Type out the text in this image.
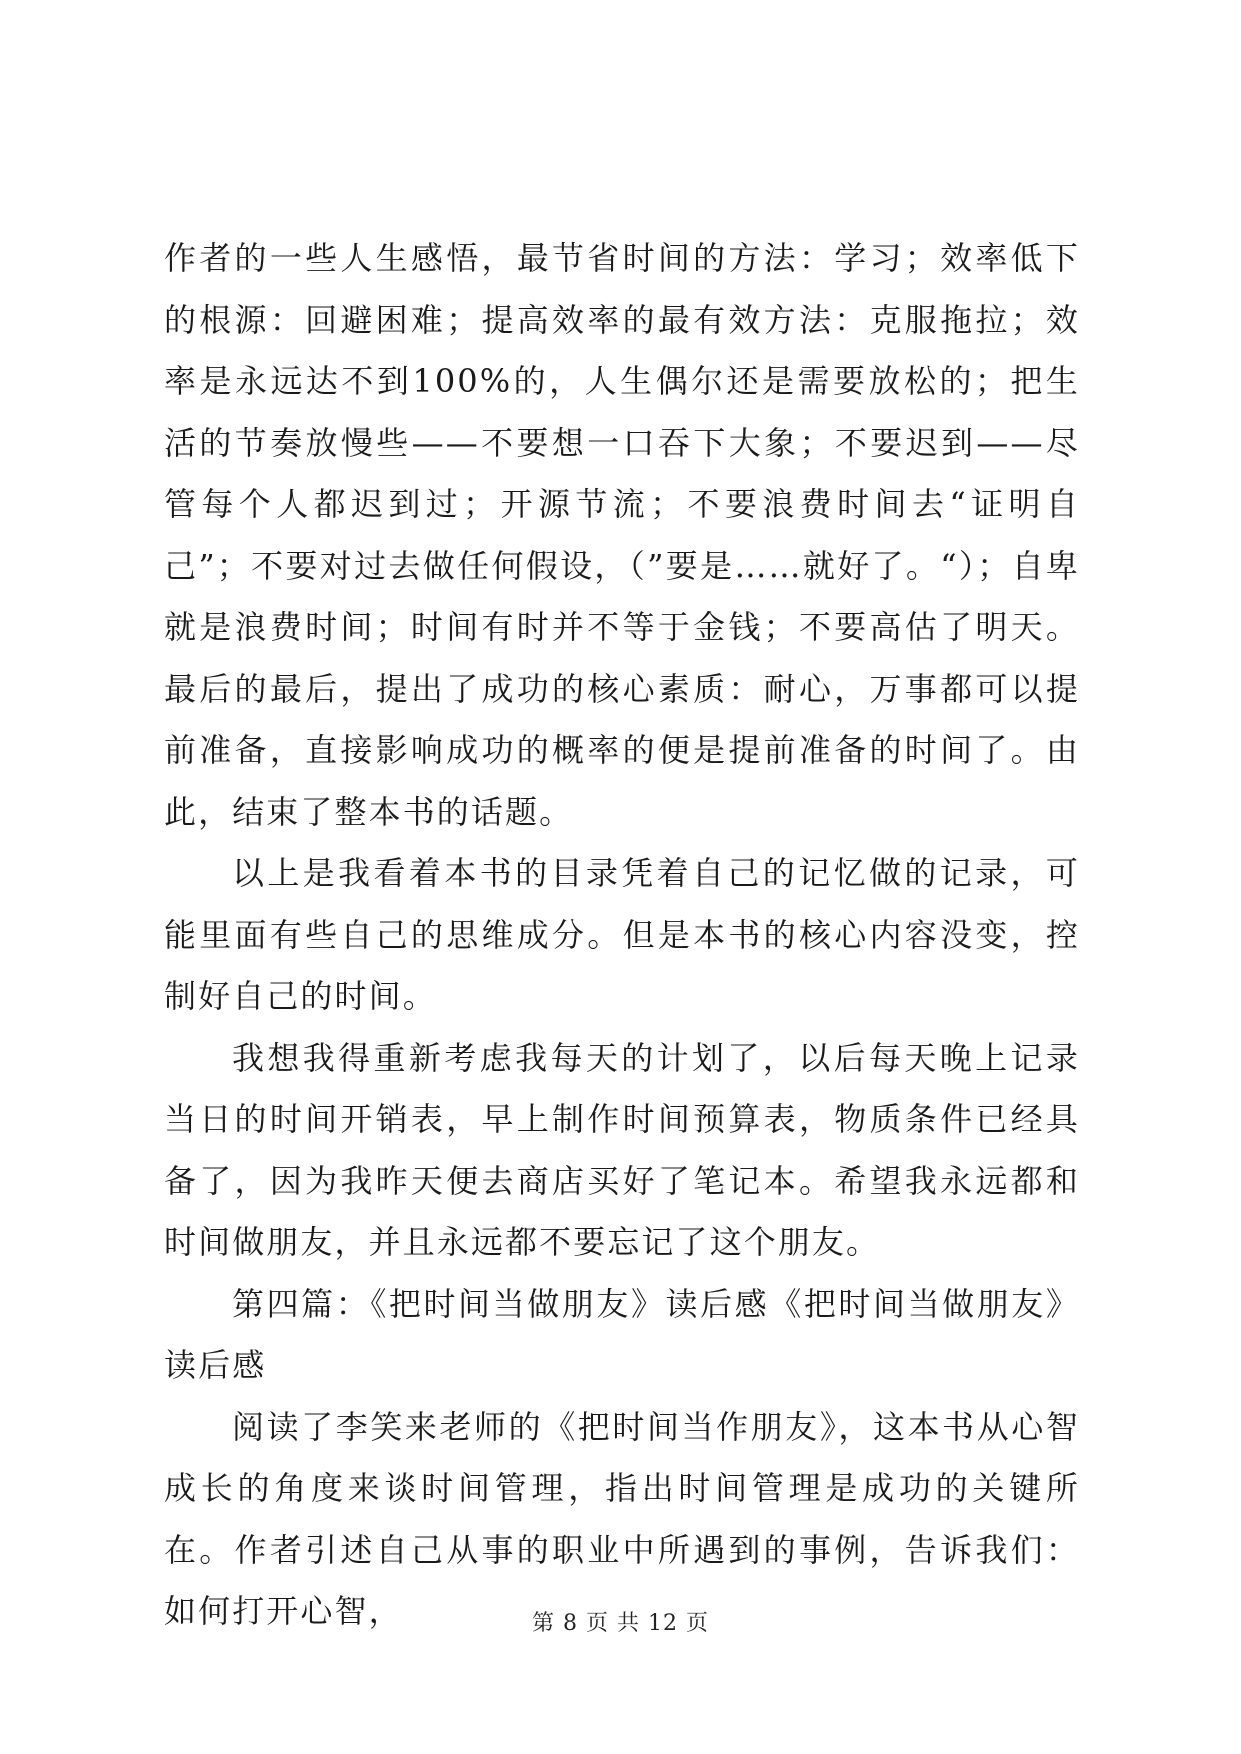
作者的一些人生感悟，最节省时间的方法：学习；效率低下的根源：回避困难；提高效率的最有效方法：克服拖拉；效率是永远达不到100%的，人生偶尔还是需要放松的；把生活的节奏放慢些——不要想一口吞下大象；不要迟到——尽管每个人都迟到过；开源节流；不要浪费时间去“证明自己”；不要对过去做任何假设，（”要是……就好了。“）；自卑就是浪费时间；时间有时并不等于金钱；不要高估了明天。最后的最后，提出了成功的核心素质：耐心，万事都可以提前准备，直接影响成功的概率的便是提前准备的时间了。由此，结束了整本书的话题。

以上是我看着本书的目录凭着自己的记忆做的记录，可能里面有些自己的思维成分。但是本书的核心内容没变，控制好自己的时间。

我想我得重新考虑我每天的计划了，以后每天晚上记录当日的时间开销表，早上制作时间预算表，物质条件已经具备了，因为我昨天便去商店买好了笔记本。希望我永远都和时间做朋友，并且永远都不要忘记了这个朋友。

第四篇：《把时间当做朋友》读后感《把时间当做朋友》读后感

阅读了李笑来老师的《把时间当作朋友》，这本书从心智成长的角度来谈时间管理，指出时间管理是成功的关键所在。作者引述自己从事的职业中所遇到的事例，告诉我们：如何打开心智，	第 8 页 共 12 页
